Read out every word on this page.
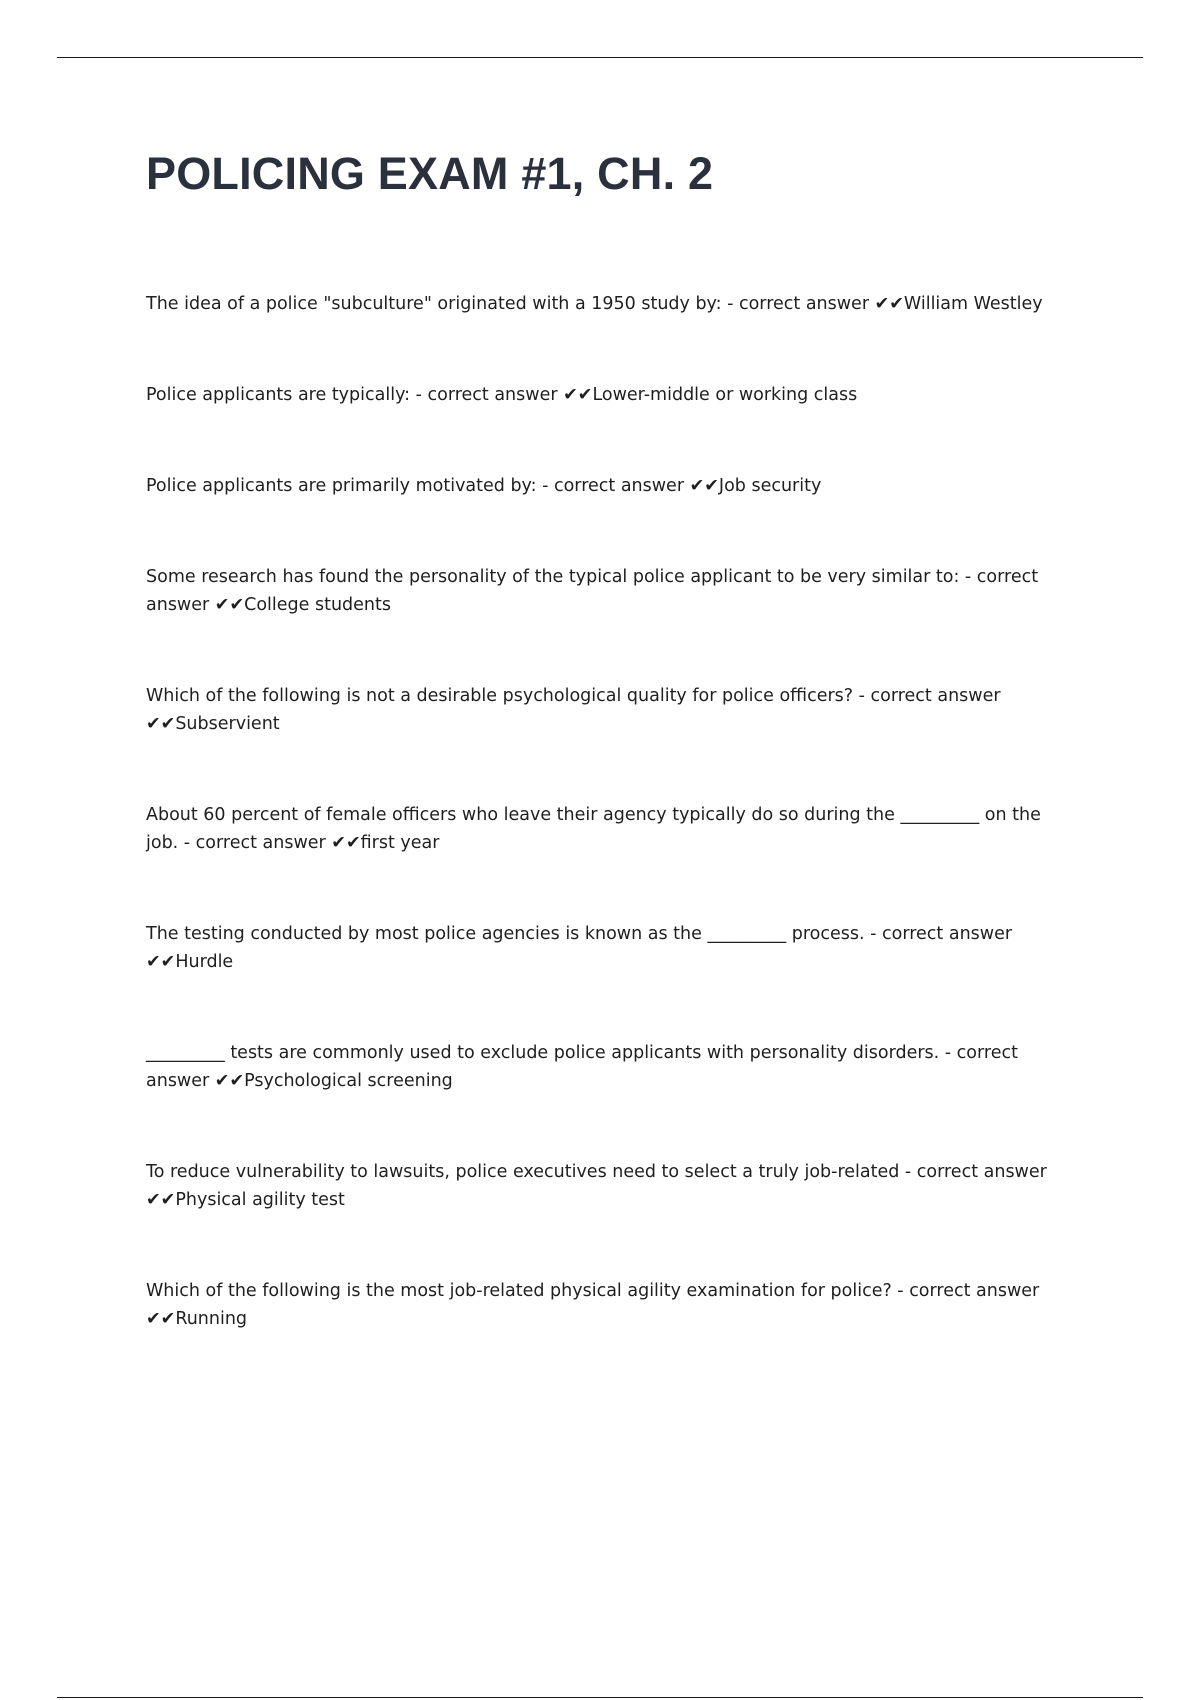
POLICING EXAM #1, CH. 2
The idea of a police "subculture" originated with a 1950 study by: - correct answer ✔✔William Westley
Police applicants are typically: - correct answer ✔✔Lower-middle or working class
Police applicants are primarily motivated by: - correct answer ✔✔Job security
Some research has found the personality of the typical police applicant to be very similar to: - correct answer ✔✔College students
Which of the following is not a desirable psychological quality for police officers? - correct answer ✔✔Subservient
About 60 percent of female officers who leave their agency typically do so during the _________ on the job. - correct answer ✔✔first year
The testing conducted by most police agencies is known as the _________ process. - correct answer ✔✔Hurdle
_________ tests are commonly used to exclude police applicants with personality disorders. - correct answer ✔✔Psychological screening
To reduce vulnerability to lawsuits, police executives need to select a truly job-related - correct answer ✔✔Physical agility test
Which of the following is the most job-related physical agility examination for police? - correct answer ✔✔Running
